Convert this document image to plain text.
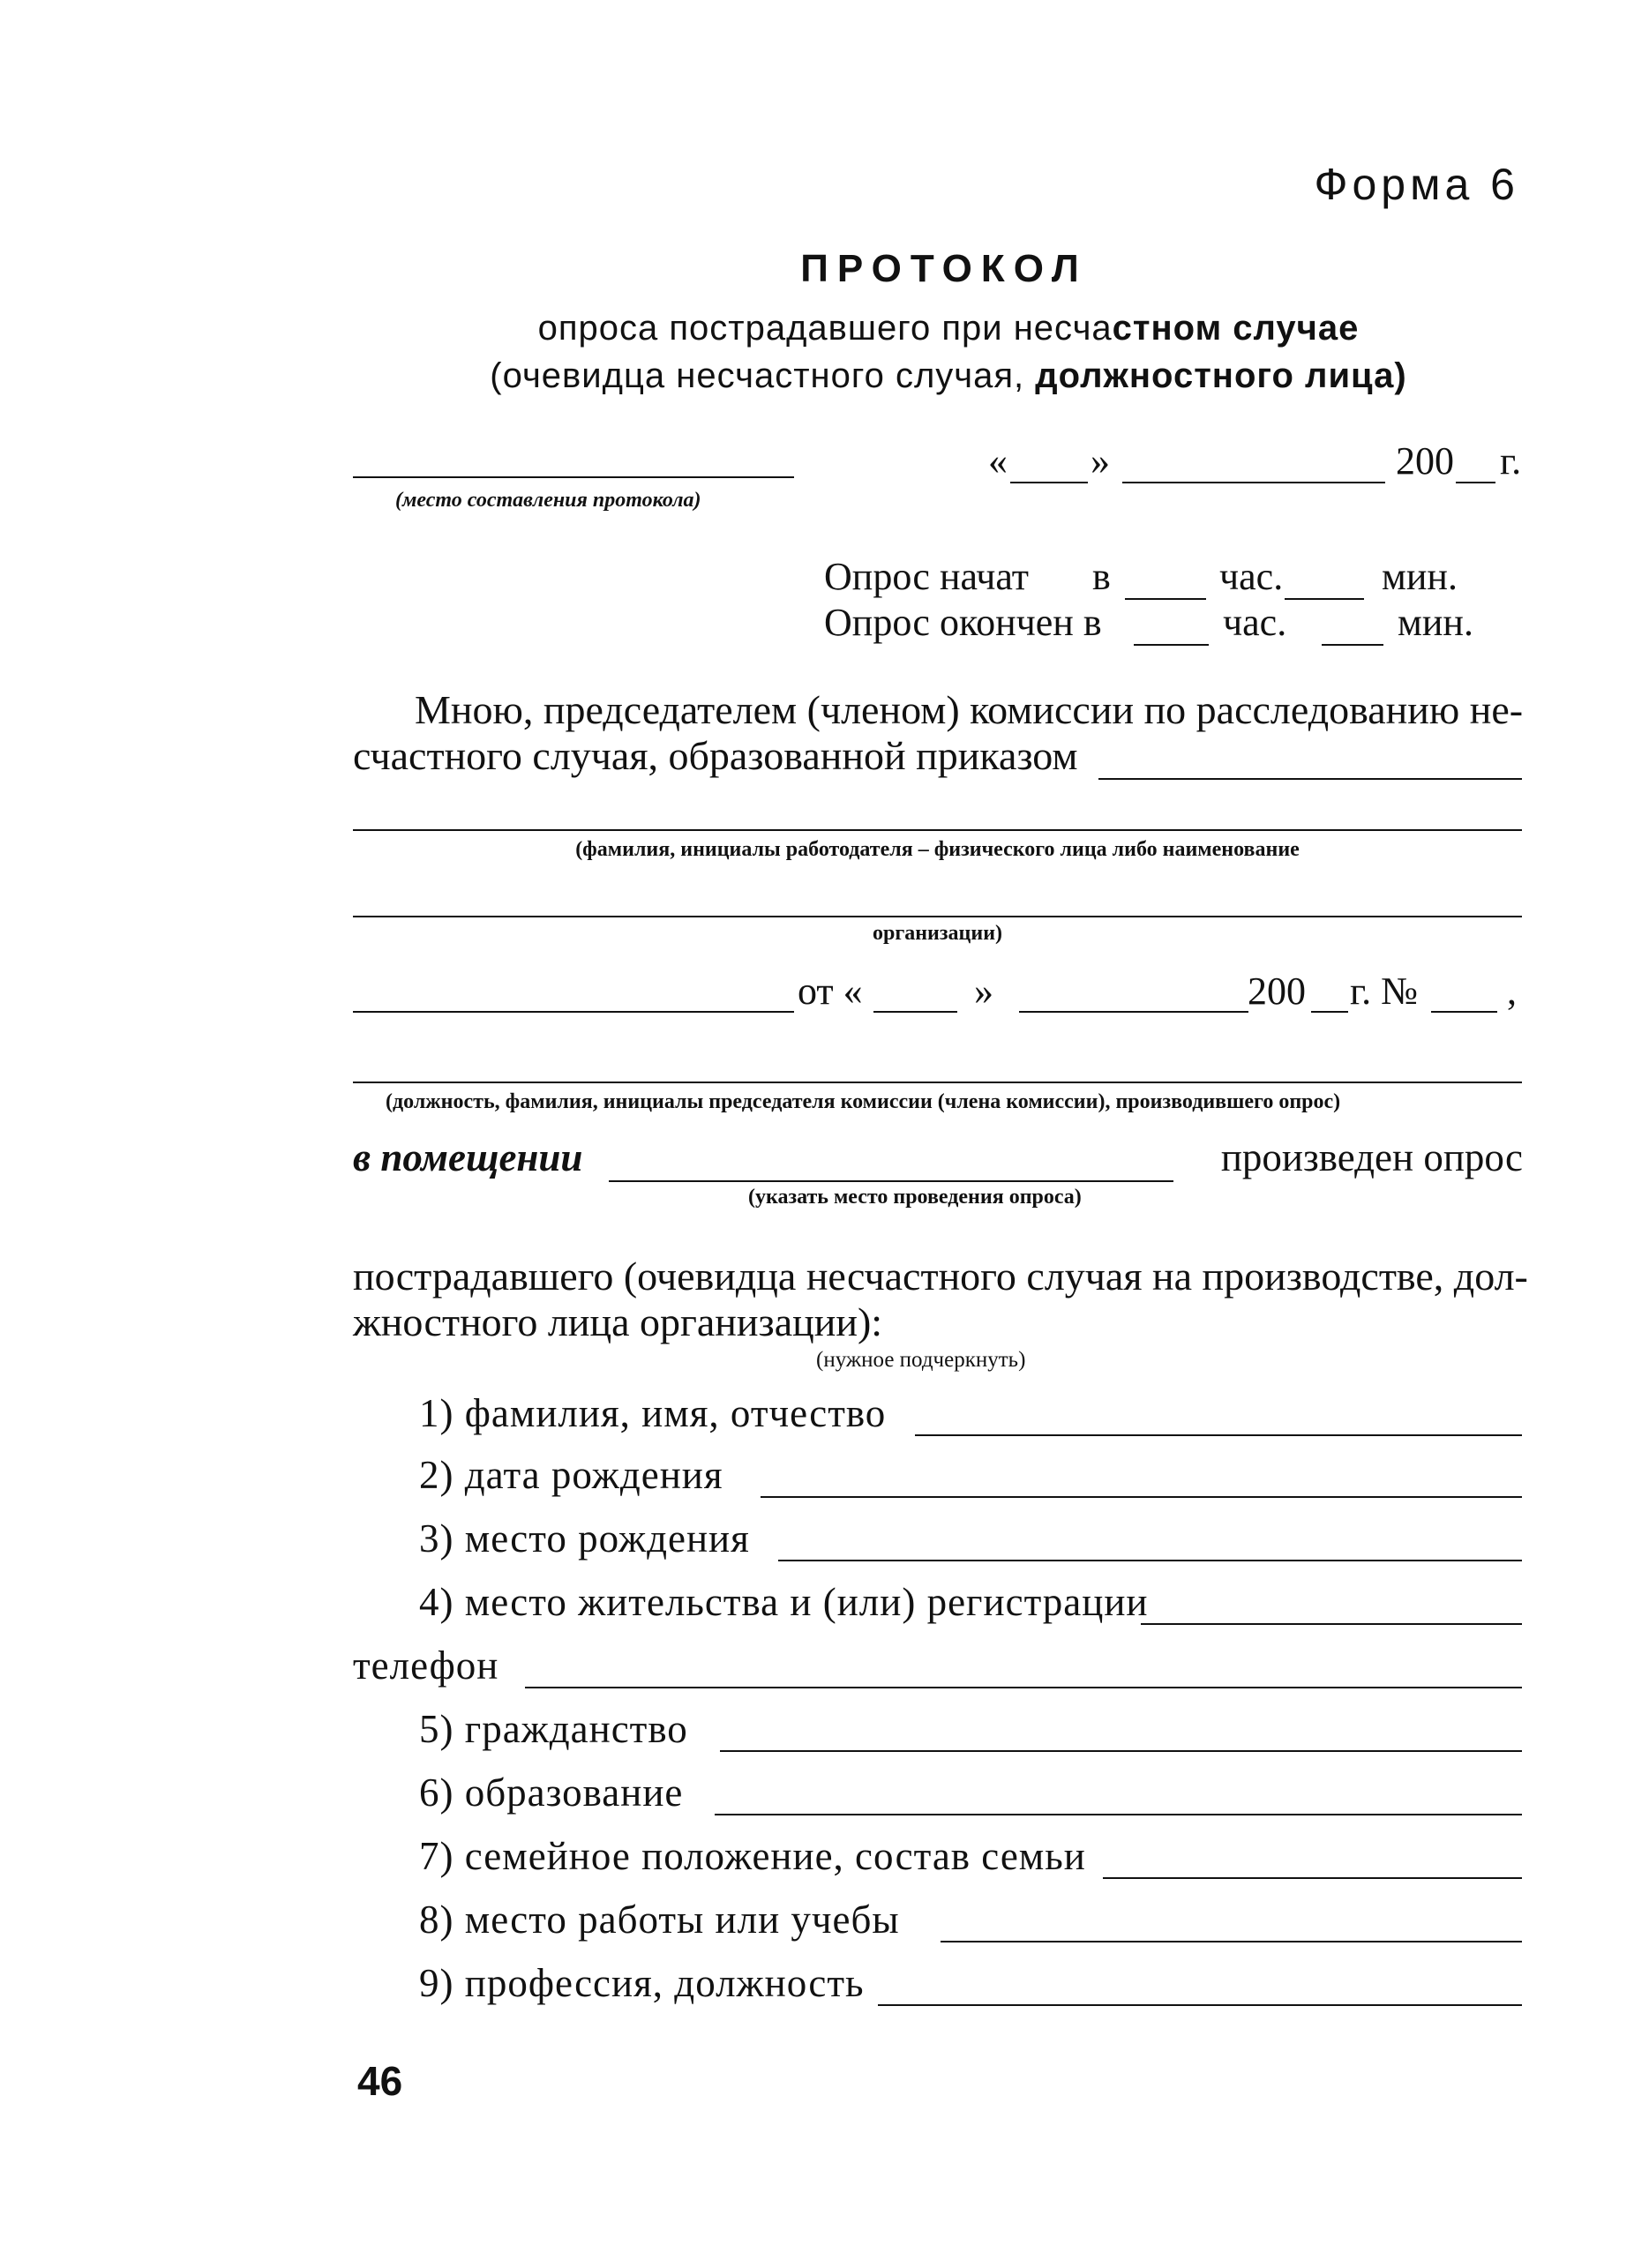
Форма 6
ПРОТОКОЛ
опроса пострадавшего при несчастном случае
(очевидца несчастного случая, должностного лица)
(место составления протокола)
« »	200 г.
Опрос начат в	час.	мин.
Опрос окончен в	час.	мин.
Мною, председателем (членом) комиссии по расследованию не-
счастного случая, образованной приказом
(фамилия, инициалы работодателя – физического лица либо наименование
организации)
от «	»	200 г. № ,
(должность, фамилия, инициалы председателя комиссии (члена комиссии), производившего опрос)
в помещении	произведен опрос
(указать место проведения опроса)
пострадавшего (очевидца несчастного случая на производстве, дол-
жностного лица организации):
(нужное подчеркнуть)
1) фамилия, имя, отчество
2) дата рождения
3) место рождения
4) место жительства и (или) регистрации
телефон
5) гражданство
6) образование
7) семейное положение, состав семьи
8) место работы или учебы
9) профессия, должность
46
